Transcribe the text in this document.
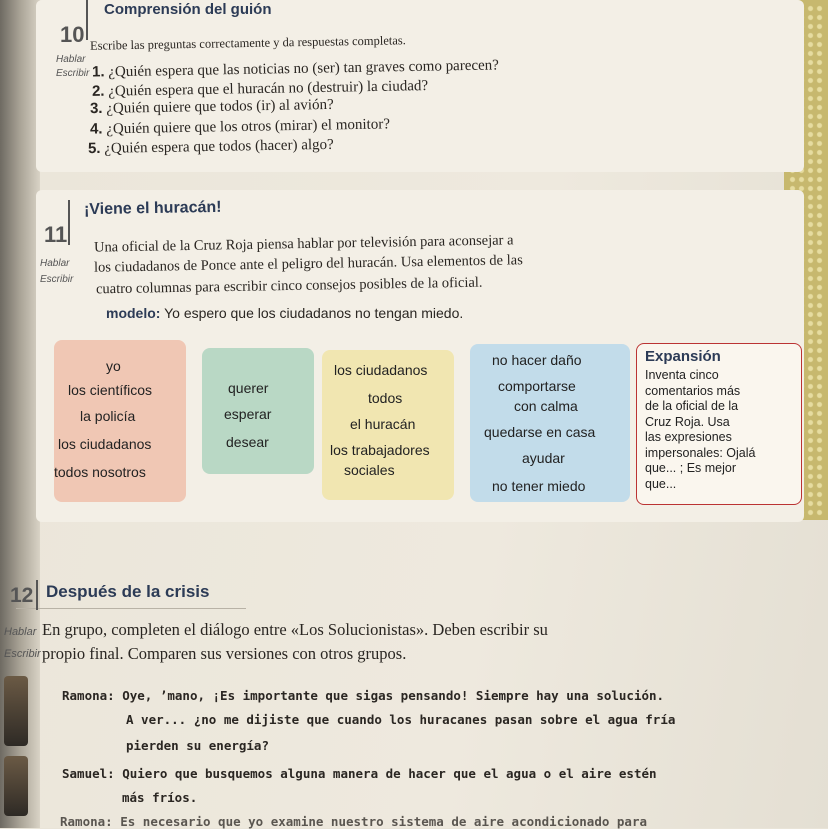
10
Comprensión del guión
Hablar
Escribir
Escribe las preguntas correctamente y da respuestas completas.
1. ¿Quién espera que las noticias no (ser) tan graves como parecen?
2. ¿Quién espera que el huracán no (destruir) la ciudad?
3. ¿Quién quiere que todos (ir) al avión?
4. ¿Quién quiere que los otros (mirar) el monitor?
5. ¿Quién espera que todos (hacer) algo?
11
¡Viene el huracán!
Hablar
Escribir
Una oficial de la Cruz Roja piensa hablar por televisión para aconsejar a
los ciudadanos de Ponce ante el peligro del huracán. Usa elementos de las
cuatro columnas para escribir cinco consejos posibles de la oficial.
modelo: Yo espero que los ciudadanos no tengan miedo.
yo
los científicos
la policía
los ciudadanos
todos nosotros
querer
esperar
desear
los ciudadanos
todos
el huracán
los trabajadores
sociales
no hacer daño
comportarse
con calma
quedarse en casa
ayudar
no tener miedo
Expansión
Inventa cinco
comentarios más
de la oficial de la
Cruz Roja. Usa
las expresiones
impersonales: Ojalá
que... ; Es mejor
que...
12 Después de la crisis
Hablar
Escribir
En grupo, completen el diálogo entre «Los Solucionistas». Deben escribir su
propio final. Comparen sus versiones con otros grupos.
Ramona: Oye, ’mano, ¡Es importante que sigas pensando! Siempre hay una solución.
A ver... ¿no me dijiste que cuando los huracanes pasan sobre el agua fría
pierden su energía?
Samuel: Quiero que busquemos alguna manera de hacer que el agua o el aire estén
más fríos.
Ramona: Es necesario que yo examine nuestro sistema de aire acondicionado para
